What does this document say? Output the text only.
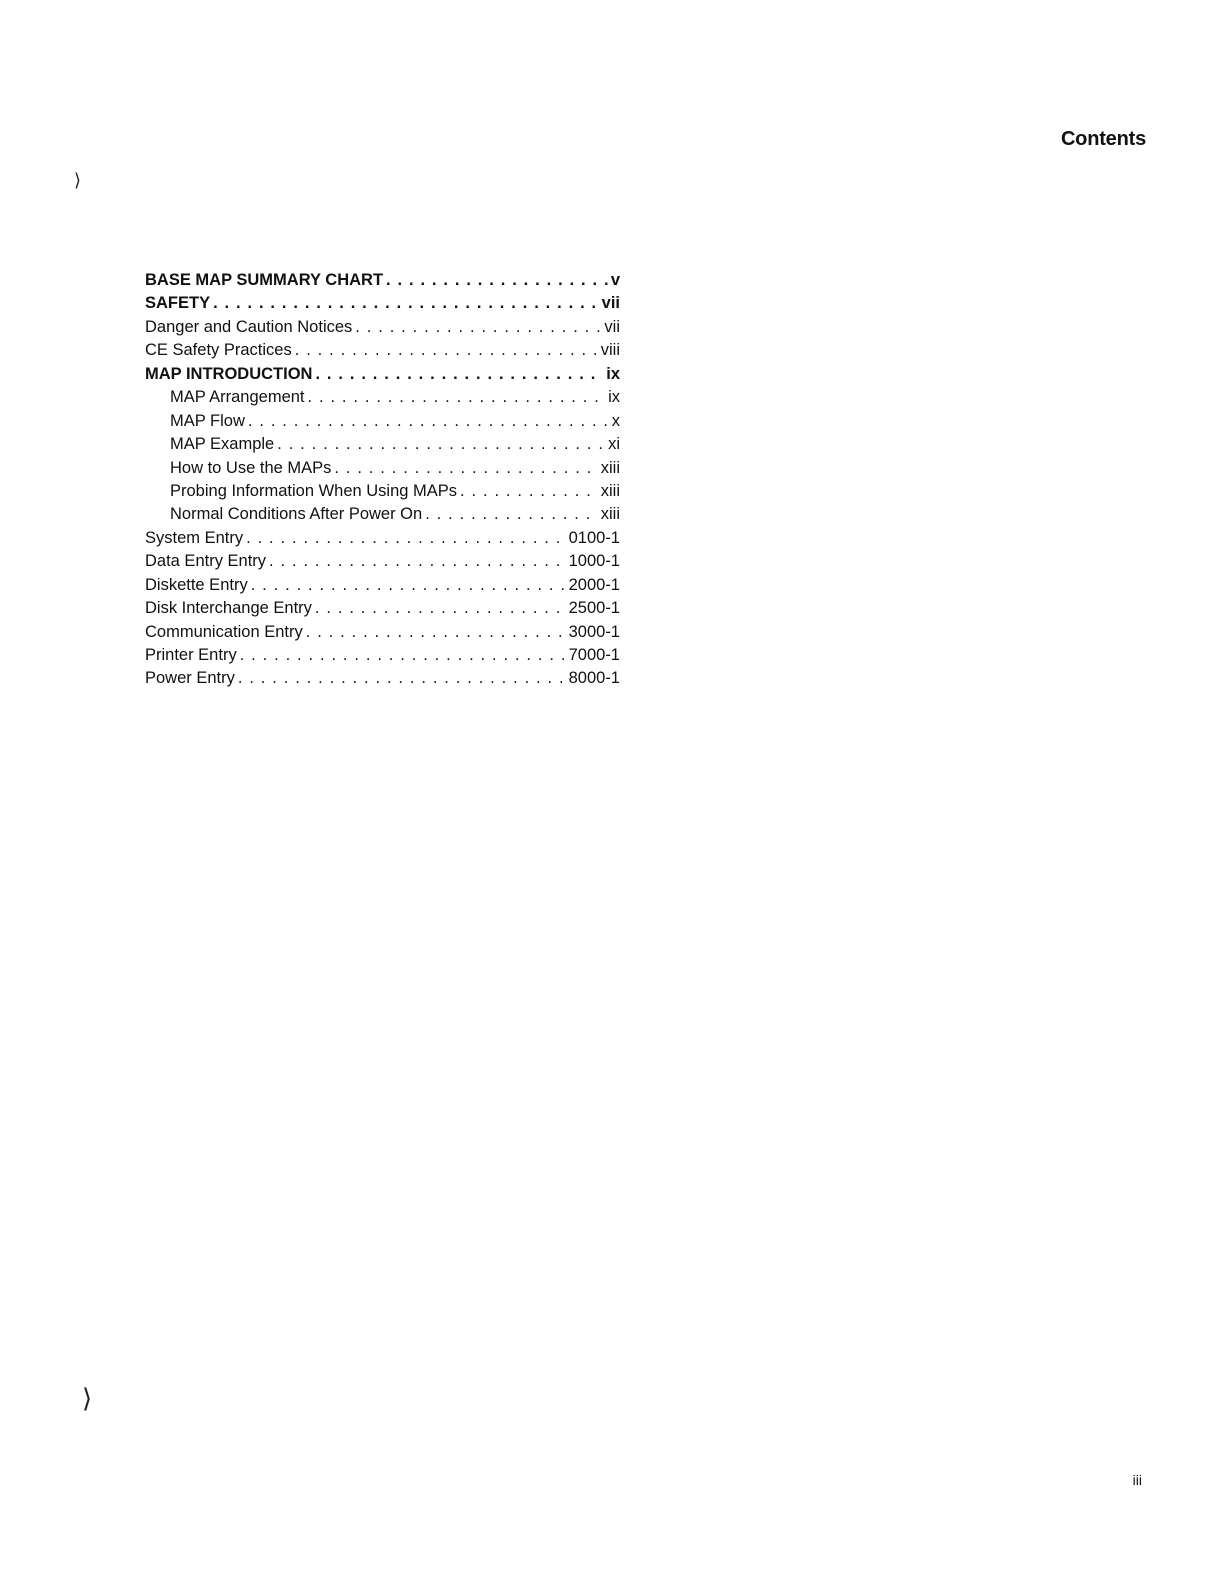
Contents
⟩
BASE MAP SUMMARY CHART . . .	v
SAFETY . . .	vii
Danger and Caution Notices . . .	vii
CE Safety Practices . . .	viii
MAP INTRODUCTION . . .	ix
MAP Arrangement . . .	ix
MAP Flow . . .	x
MAP Example . . .	xi
How to Use the MAPs . . .	xiii
Probing Information When Using MAPs . . .	xiii
Normal Conditions After Power On . . .	xiii
System Entry . . .	0100-1
Data Entry Entry . . .	1000-1
Diskette Entry . . .	2000-1
Disk Interchange Entry . . .	2500-1
Communication Entry . . .	3000-1
Printer Entry . . .	7000-1
Power Entry . . .	8000-1
⟩
iii
